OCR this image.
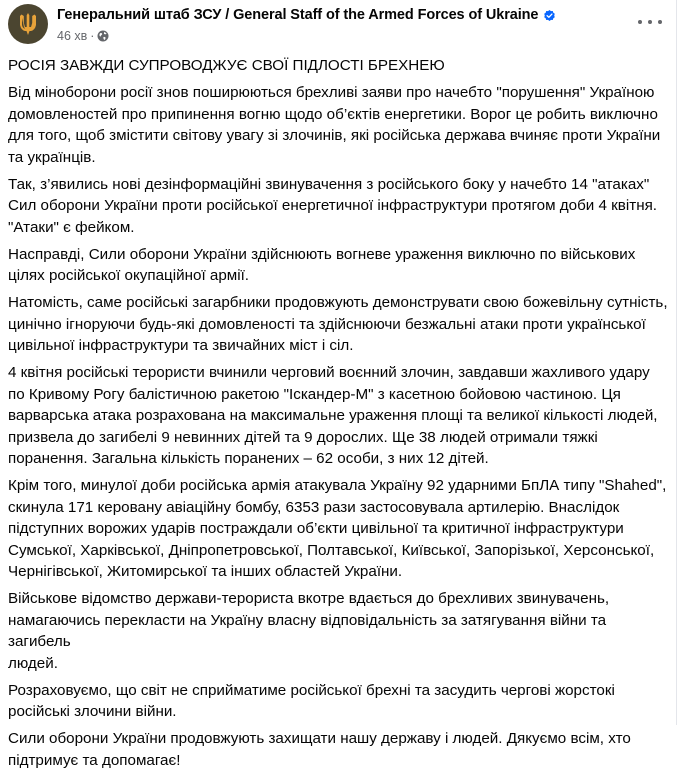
Генеральний штаб ЗСУ / General Staff of the Armed Forces of Ukraine
46 хв ·

РОСІЯ ЗАВЖДИ СУПРОВОДЖУЄ СВОЇ ПІДЛОСТІ БРЕХНЕЮ

Від міноборони росії знов поширюються брехливі заяви про начебто "порушення" Україною
домовленостей про припинення вогню щодо об’єктів енергетики. Ворог це робить виключно
для того, щоб змістити світову увагу зі злочинів, які російська держава вчиняє проти України
та українців.

Так, з’явились нові дезінформаційні звинувачення з російського боку у начебто 14 "атаках"
Сил оборони України проти російської енергетичної інфраструктури протягом доби 4 квітня.
"Атаки" є фейком.

Насправді, Сили оборони України здійснюють вогневе ураження виключно по військових
цілях російської окупаційної армії.

Натомість, саме російські загарбники продовжують демонструвати свою божевільну сутність,
цинічно ігноруючи будь-які домовленості та здійснюючи безжальні атаки проти української
цивільної інфраструктури та звичайних міст і сіл.

4 квітня російські терористи вчинили черговий воєнний злочин, завдавши жахливого удару
по Кривому Рогу балістичною ракетою "Іскандер-М" з касетною бойовою частиною. Ця
варварська атака розрахована на максимальне ураження площі та великої кількості людей,
призвела до загибелі 9 невинних дітей та 9 дорослих. Ще 38 людей отримали тяжкі
поранення. Загальна кількість поранених – 62 особи, з них 12 дітей.

Крім того, минулої доби російська армія атакувала Україну 92 ударними БпЛА типу "Shahed",
скинула 171 керовану авіаційну бомбу, 6353 рази застосовувала артилерію. Внаслідок
підступних ворожих ударів постраждали об’єкти цивільної та критичної інфраструктури
Сумської, Харківської, Дніпропетровської, Полтавської, Київської, Запорізької, Херсонської,
Чернігівської, Житомирської та інших областей України.

Військове відомство держави-терориста вкотре вдається до брехливих звинувачень,
намагаючись перекласти на Україну власну відповідальність за затягування війни та загибель
людей.

Розраховуємо, що світ не сприйматиме російської брехні та засудить чергові жорстокі
російські злочини війни.

Сили оборони України продовжують захищати нашу державу і людей. Дякуємо всім, хто
підтримує та допомагає!
